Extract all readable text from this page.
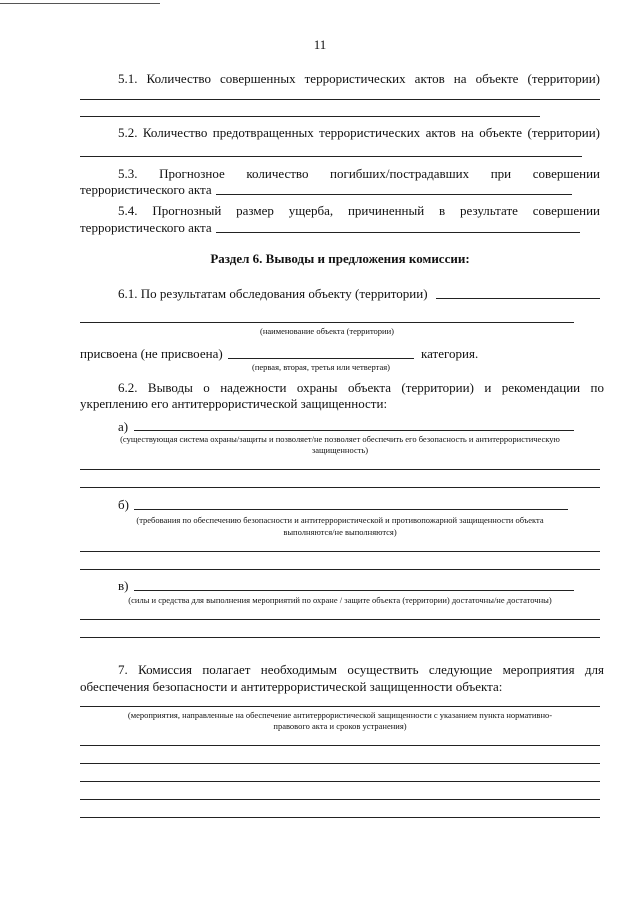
11
5.1. Количество совершенных террористических актов на объекте (территории)
5.2. Количество предотвращенных террористических актов на объекте (территории)
5.3. Прогнозное количество погибших/пострадавших при совершении
террористического акта
5.4. Прогнозный размер ущерба, причиненный в результате совершении
террористического акта
Раздел 6. Выводы и предложения комиссии:
6.1. По результатам обследования объекту (территории)
(наименование объекта (территории)
присвоена (не присвоена)	категория.
(первая, вторая, третья или четвертая)
6.2. Выводы о надежности охраны объекта (территории) и рекомендации по
укреплению его антитеррористической защищенности:
а)
(существующая система охраны/защиты и позволяет/не позволяет обеспечить его безопасность и антитеррористическую
защищенность)
б)
(требования по обеспечению безопасности и антитеррористической и противопожарной защищенности объекта
выполняются/не выполняются)
в)
(силы и средства для выполнения мероприятий по охране / защите объекта (территории) достаточны/не достаточны)
7. Комиссия полагает необходимым осуществить следующие мероприятия для
обеспечения безопасности и антитеррористической защищенности объекта:
(мероприятия, направленные на обеспечение антитеррористической защищенности с указанием пункта нормативно-
правового акта и сроков устранения)
